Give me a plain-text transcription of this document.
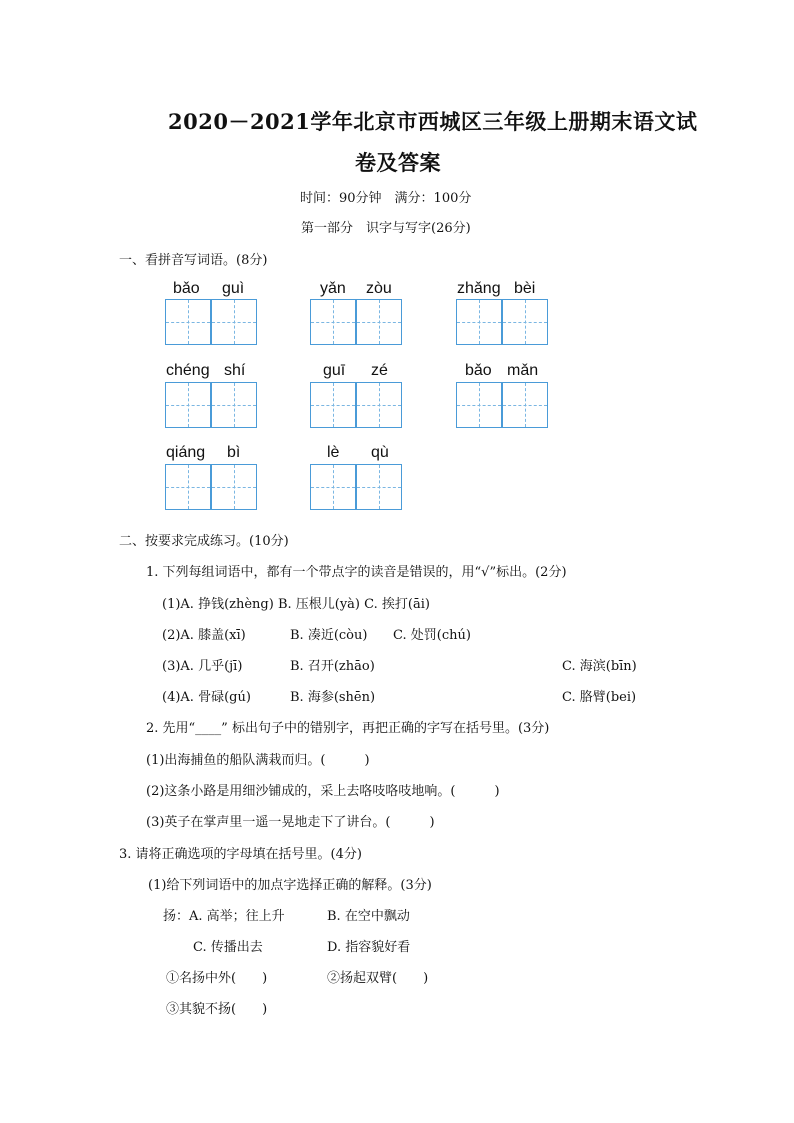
2020－2021学年北京市西城区三年级上册期末语文试
卷及答案
时间：90分钟　满分：100分
第一部分　识字与写字(26分)
一、看拼音写词语。(8分)
bǎo guì	yǎn zòu	zhǎng bèi
chéng shí	guī zé	bǎo mǎn
qiáng bì	lè qù
二、按要求完成练习。(10分)
1. 下列每组词语中，都有一个带点字的读音是错误的，用“√”标出。(2分)
(1)A. 挣钱(zhèng) B. 压根儿(yà) C. 挨打(āi)
(2)A. 膝盖(xī)	B. 凑近(còu) C. 处罚(chú)
(3)A. 几乎(jī)	B. 召开(zhāo)	C. 海滨(bīn)
(4)A. 骨碌(gú)	B. 海参(shēn)	C. 胳臂(bei)
2. 先用“____” 标出句子中的错别字，再把正确的字写在括号里。(3分)
(1)出海捕鱼的船队满栽而归。(　　　)
(2)这条小路是用细沙铺成的，采上去咯吱咯吱地响。(　　　)
(3)英子在掌声里一遥一晃地走下了讲台。(　　　)
3. 请将正确选项的字母填在括号里。(4分)
(1)给下列词语中的加点字选择正确的解释。(3分)
扬：A. 高举；往上升	B. 在空中飘动
C. 传播出去	D. 指容貌好看
①名扬中外(　　)	②扬起双臂(　　)
③其貌不扬(　　)
